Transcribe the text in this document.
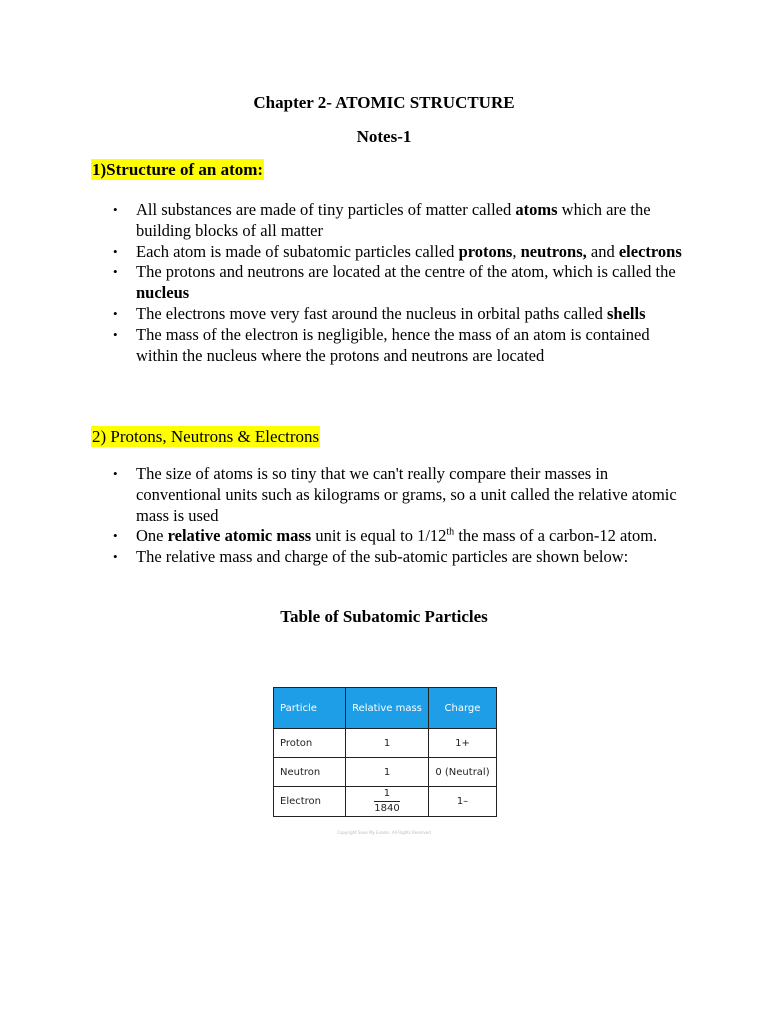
Chapter 2- ATOMIC STRUCTURE
Notes-1
1)Structure of an atom:
• All substances are made of tiny particles of matter called atoms which are the building blocks of all matter
• Each atom is made of subatomic particles called protons, neutrons, and electrons
• The protons and neutrons are located at the centre of the atom, which is called the nucleus
• The electrons move very fast around the nucleus in orbital paths called shells
• The mass of the electron is negligible, hence the mass of an atom is contained within the nucleus where the protons and neutrons are located
2) Protons, Neutrons & Electrons
• The size of atoms is so tiny that we can't really compare their masses in conventional units such as kilograms or grams, so a unit called the relative atomic mass is used
• One relative atomic mass unit is equal to 1/12th the mass of a carbon-12 atom.
• The relative mass and charge of the sub-atomic particles are shown below:
Table of Subatomic Particles
Particle	Relative mass	Charge
Proton	1	1+
Neutron	1	0 (Neutral)
Electron	$\frac{1}{1840}$	1–
Copyright Save My Exams. All Rights Reserved
